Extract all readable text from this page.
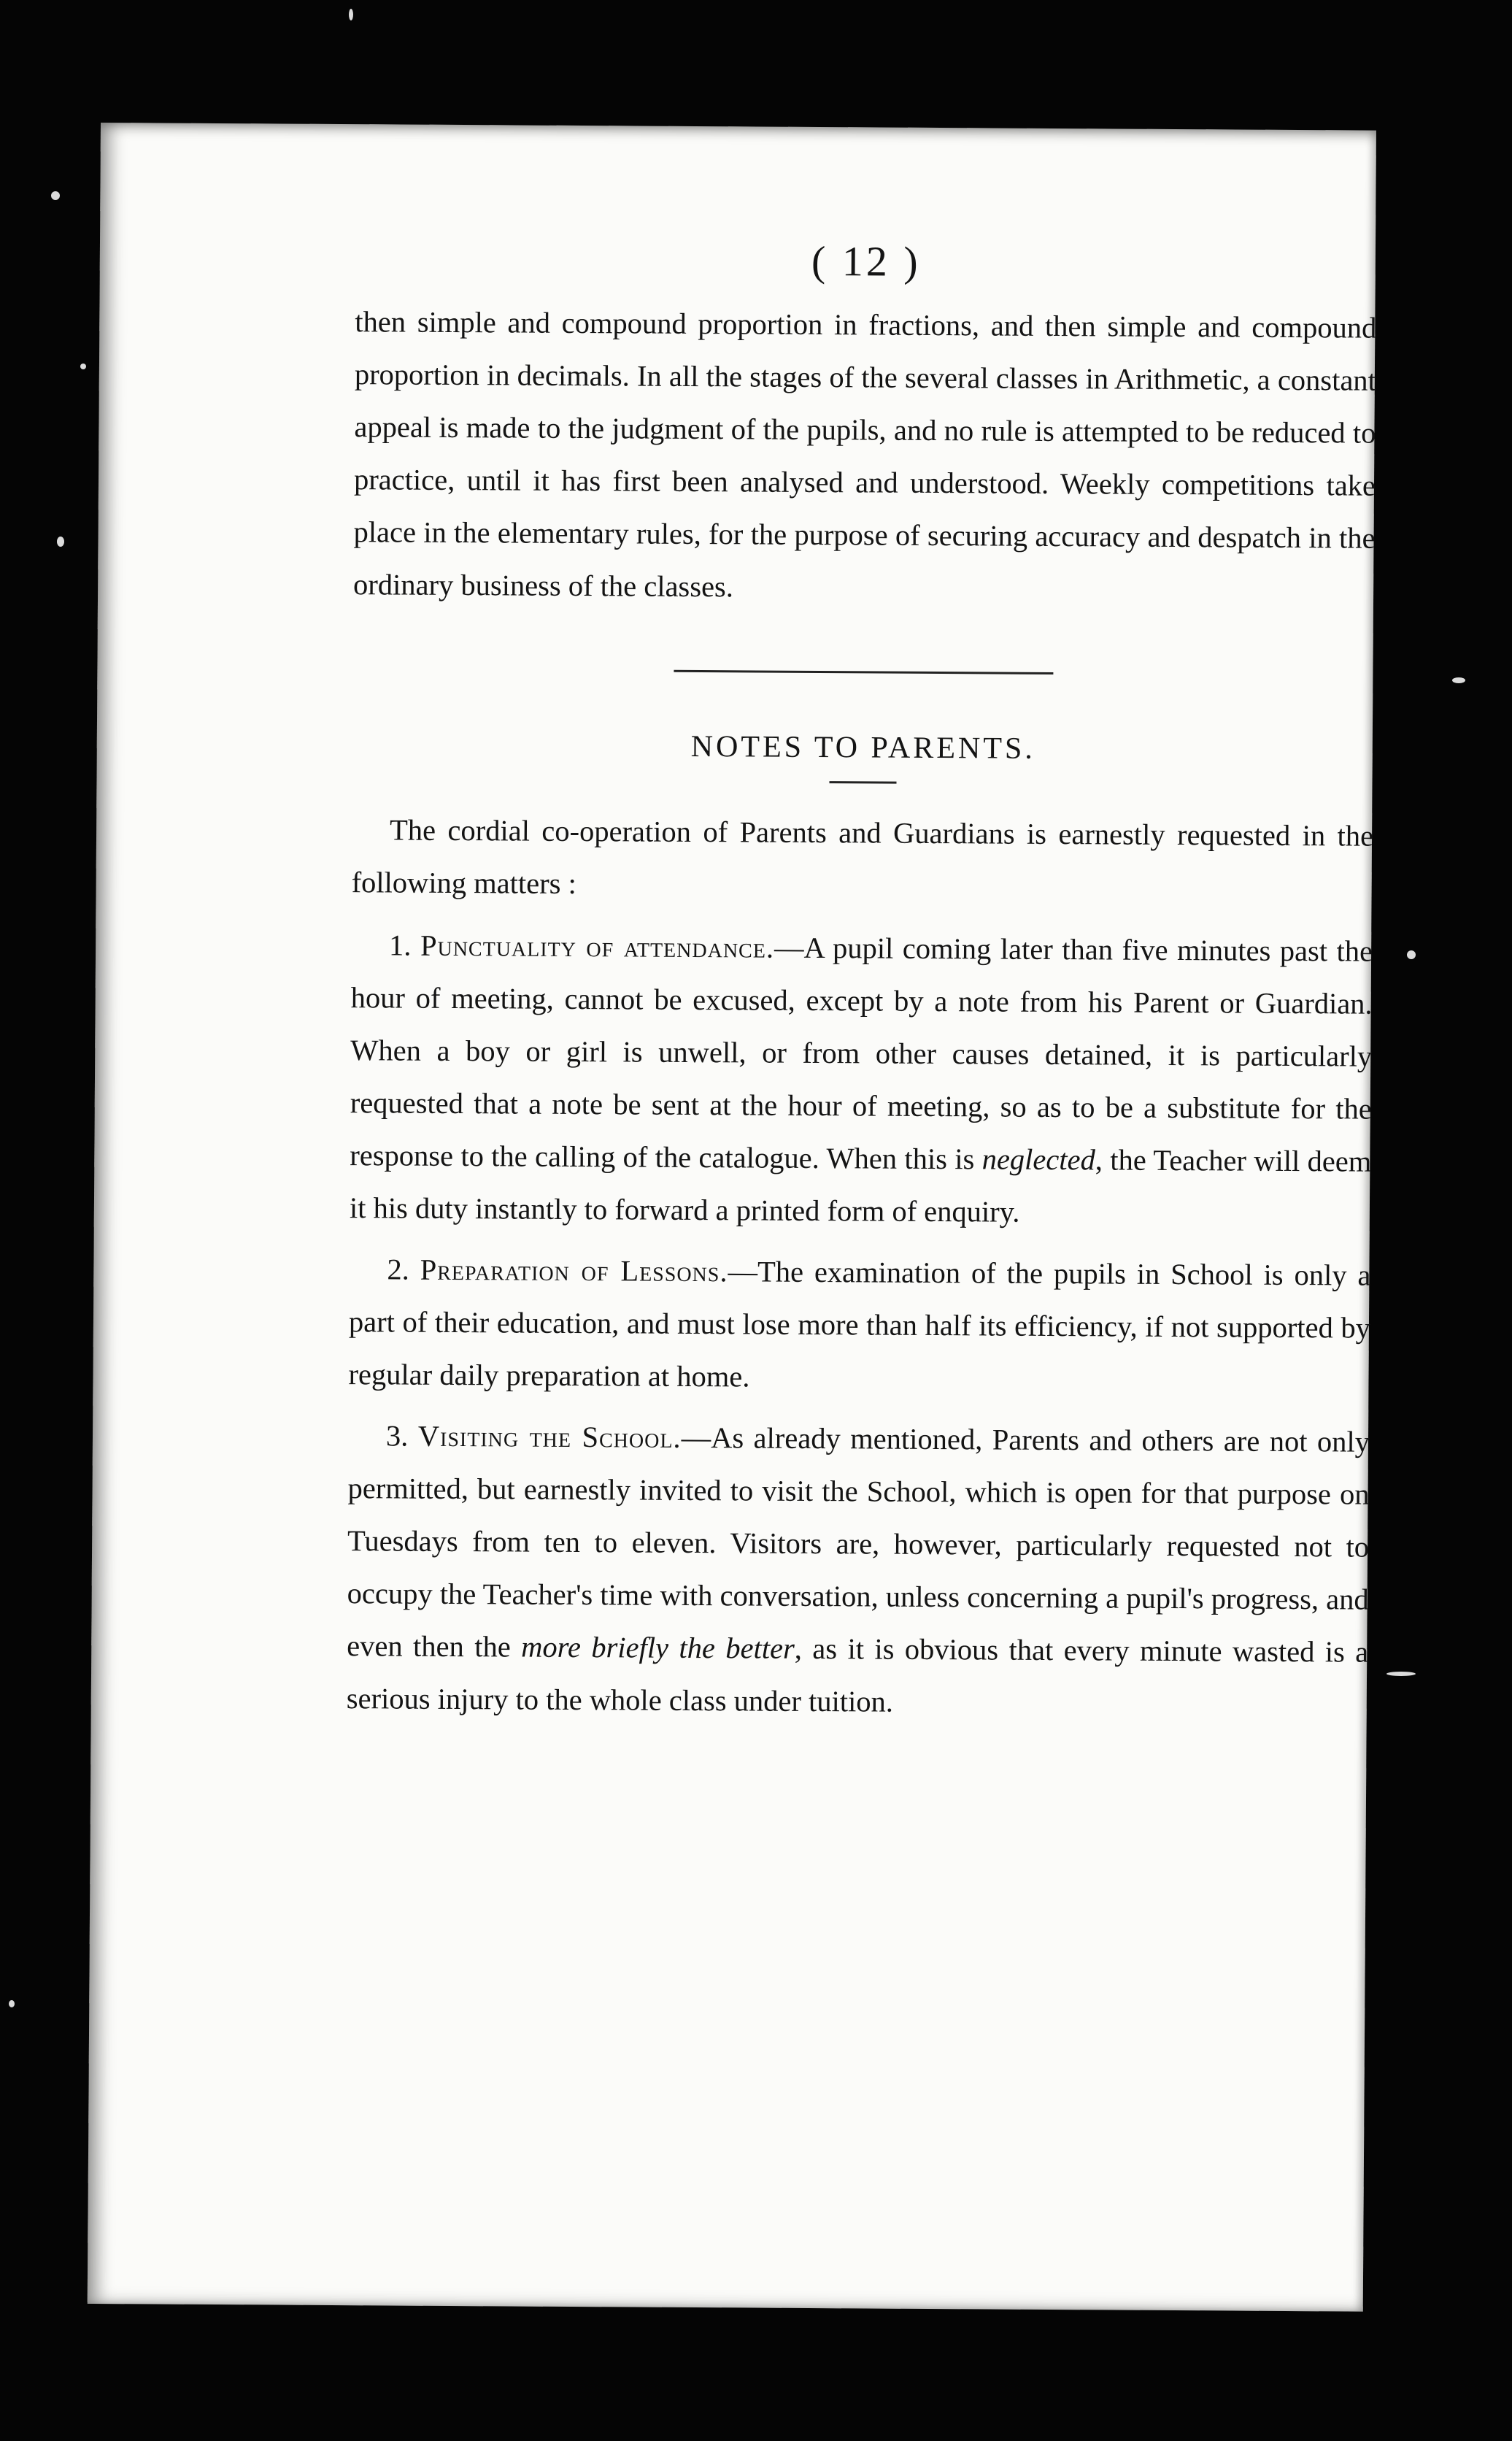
( 12 )

then simple and compound proportion in fractions, and then simple and compound proportion in decimals. In all the stages of the several classes in Arithmetic, a constant appeal is made to the judgment of the pupils, and no rule is attempted to be reduced to practice, until it has first been analysed and understood. Weekly competitions take place in the elementary rules, for the purpose of securing accuracy and despatch in the ordinary business of the classes.

NOTES TO PARENTS.

The cordial co-operation of Parents and Guardians is earnestly requested in the following matters :

1. Punctuality of attendance.—A pupil coming later than five minutes past the hour of meeting, cannot be excused, except by a note from his Parent or Guardian. When a boy or girl is unwell, or from other causes detained, it is particularly requested that a note be sent at the hour of meeting, so as to be a substitute for the response to the calling of the catalogue. When this is neglected, the Teacher will deem it his duty instantly to forward a printed form of enquiry.

2. Preparation of Lessons.—The examination of the pupils in School is only a part of their education, and must lose more than half its efficiency, if not supported by regular daily preparation at home.

3. Visiting the School.—As already mentioned, Parents and others are not only permitted, but earnestly invited to visit the School, which is open for that purpose on Tuesdays from ten to eleven. Visitors are, however, particularly requested not to occupy the Teacher's time with conversation, unless concerning a pupil's progress, and even then the more briefly the better, as it is obvious that every minute wasted is a serious injury to the whole class under tuition.
